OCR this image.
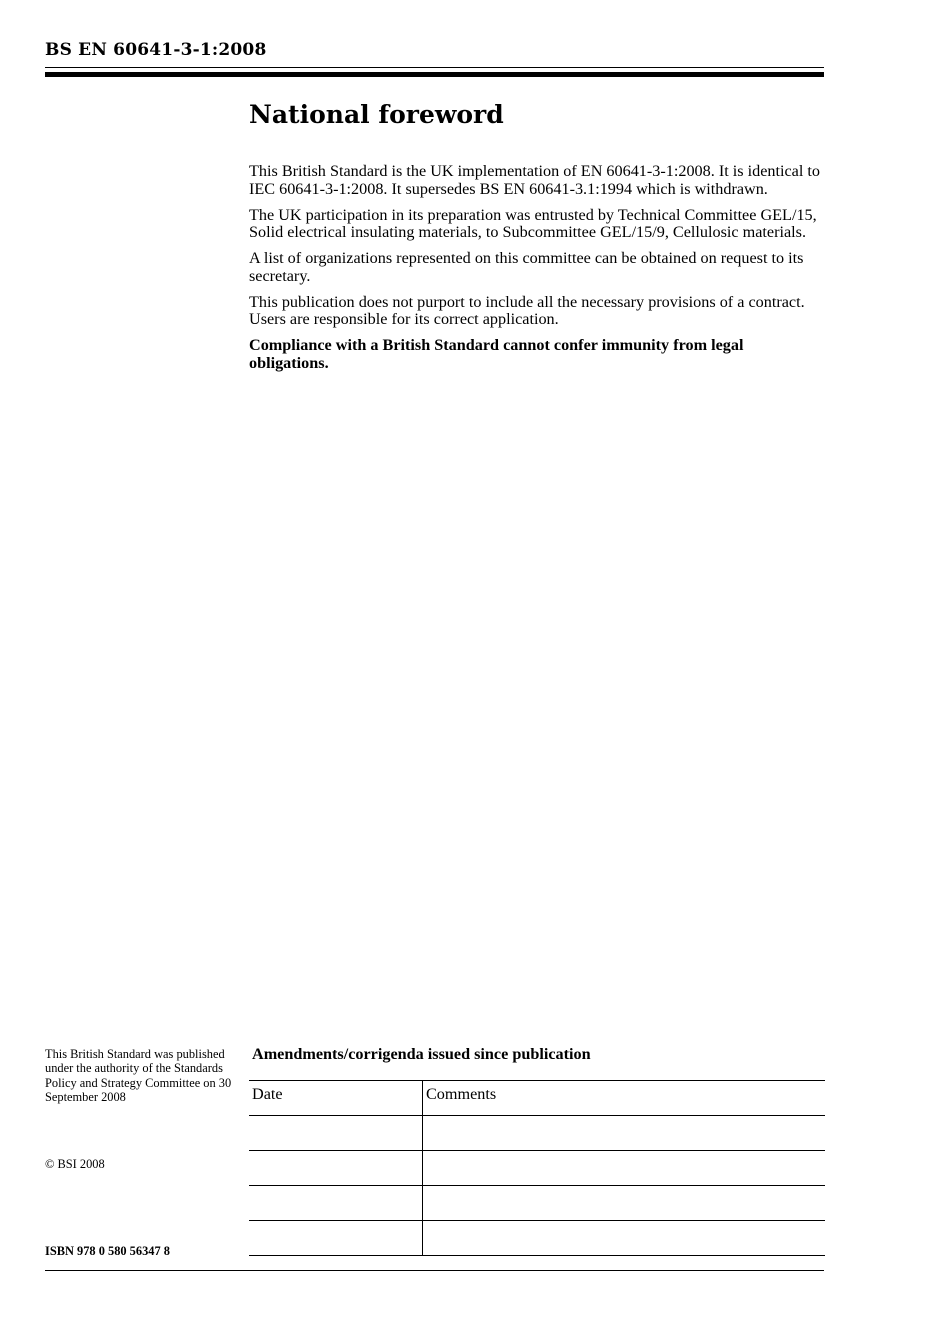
BS EN 60641-3-1:2008
National foreword

This British Standard is the UK implementation of EN 60641-3-1:2008. It is identical to IEC 60641-3-1:2008. It supersedes BS EN 60641-3.1:1994 which is withdrawn.

The UK participation in its preparation was entrusted by Technical Committee GEL/15, Solid electrical insulating materials, to Subcommittee GEL/15/9, Cellulosic materials.

A list of organizations represented on this committee can be obtained on request to its secretary.

This publication does not purport to include all the necessary provisions of a contract. Users are responsible for its correct application.

Compliance with a British Standard cannot confer immunity from legal obligations.

This British Standard was published under the authority of the Standards Policy and Strategy Committee on 30 September 2008
© BSI 2008
ISBN 978 0 580 56347 8
Amendments/corrigenda issued since publication
Date	Comments
